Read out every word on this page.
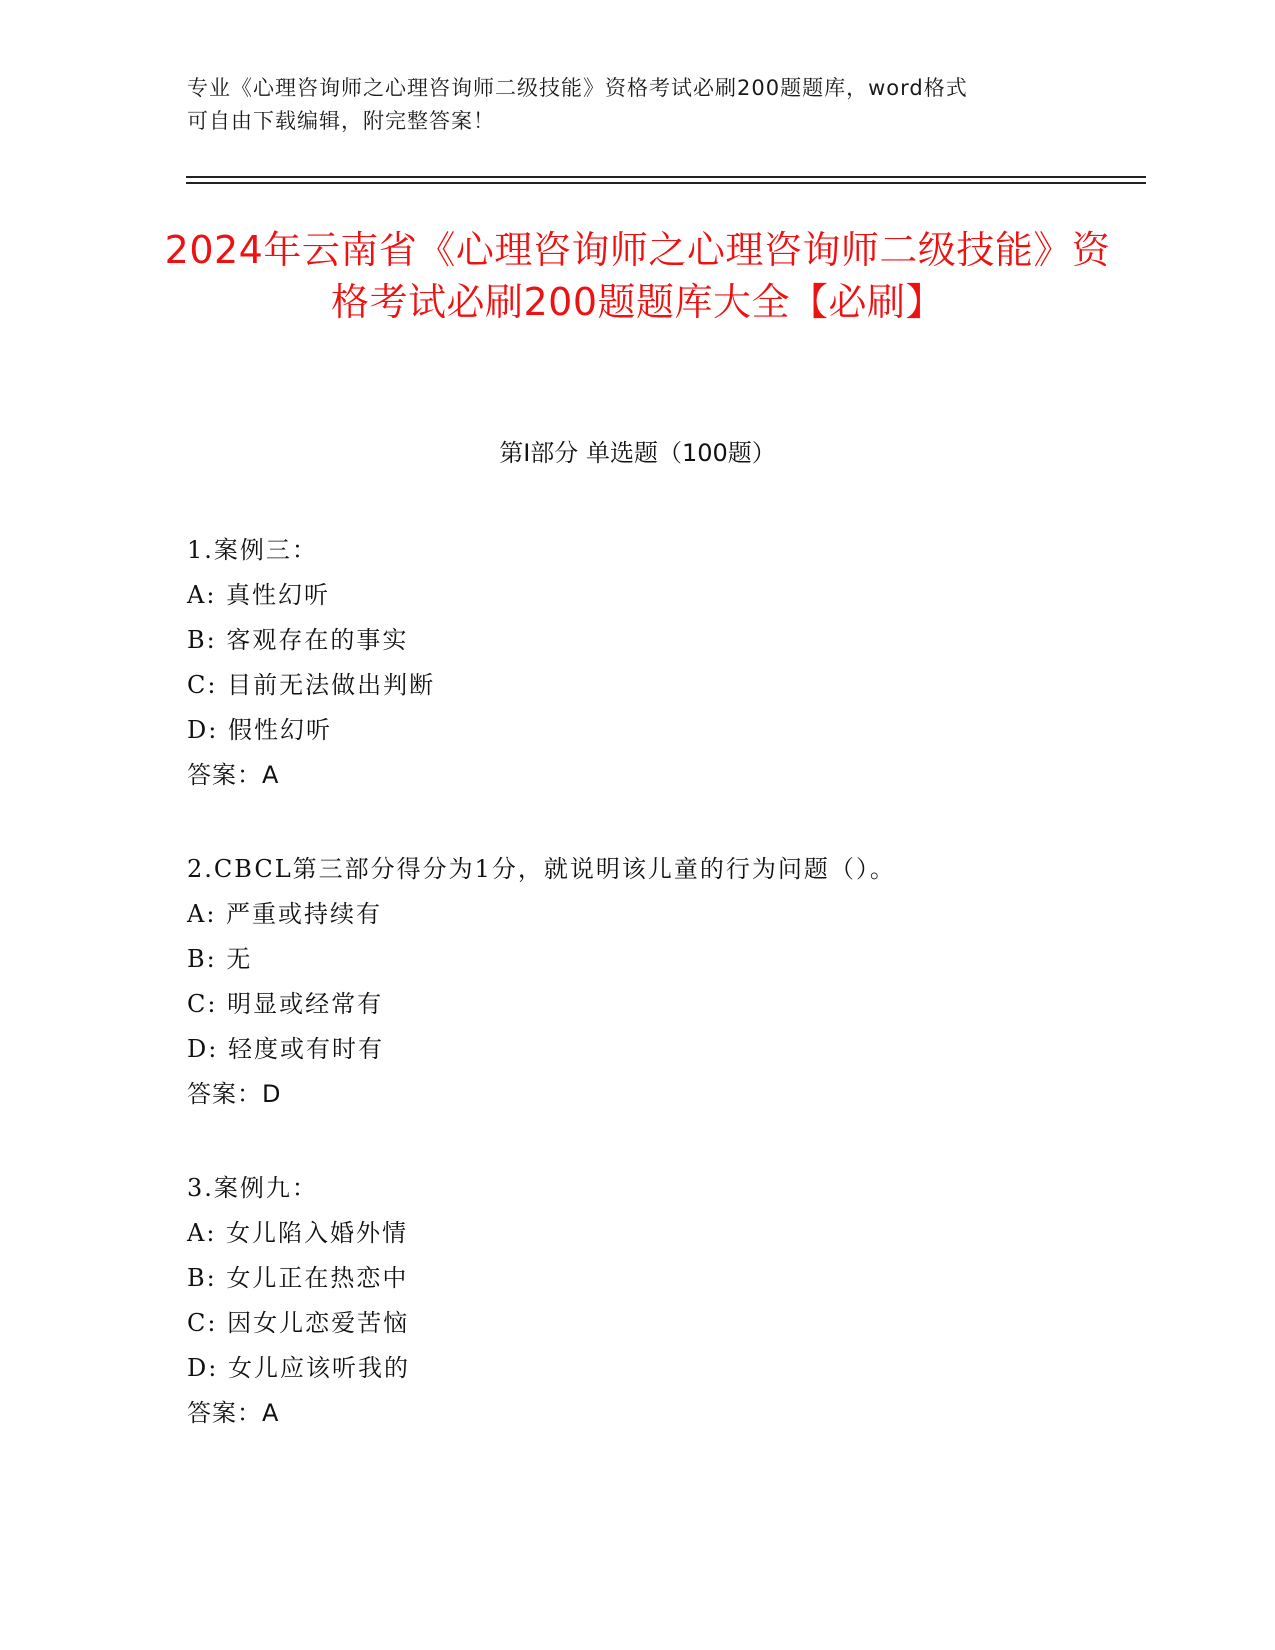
专业《心理咨询师之心理咨询师二级技能》资格考试必刷200题题库，word格式
可自由下载编辑，附完整答案！
2024年云南省《心理咨询师之心理咨询师二级技能》资格考试必刷200题题库大全【必刷】
第I部分 单选题（100题）
1.案例三：
A: 真性幻听
B: 客观存在的事实
C: 目前无法做出判断
D: 假性幻听
答案：A
2.CBCL第三部分得分为1分，就说明该儿童的行为问题（）。
A: 严重或持续有
B: 无
C: 明显或经常有
D: 轻度或有时有
答案：D
3.案例九：
A: 女儿陷入婚外情
B: 女儿正在热恋中
C: 因女儿恋爱苦恼
D: 女儿应该听我的
答案：A
